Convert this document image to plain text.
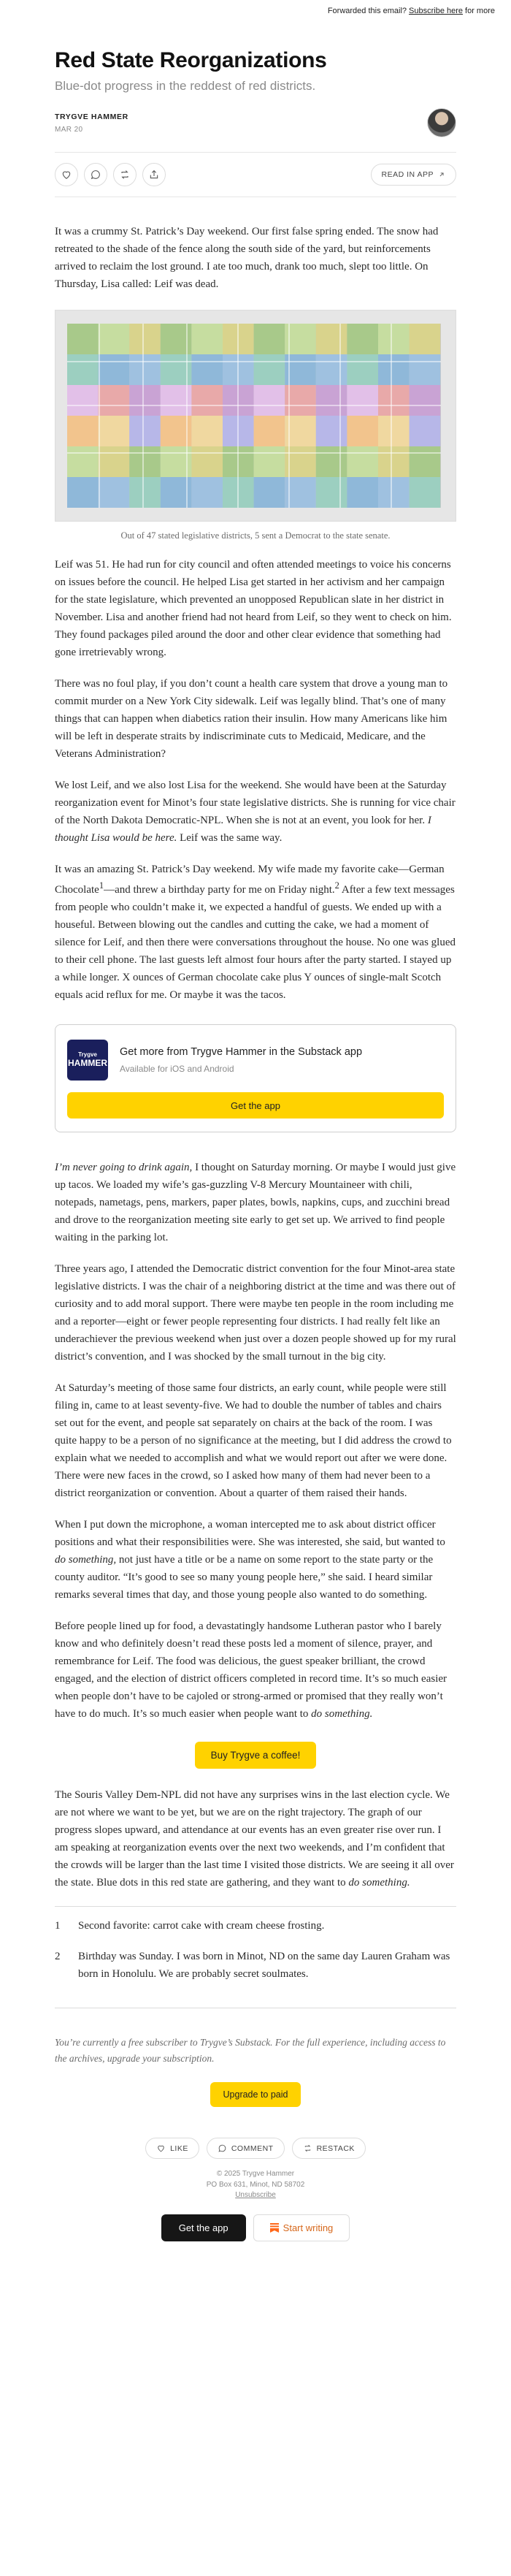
Forwarded this email? Subscribe here for more
Red State Reorganizations
Blue-dot progress in the reddest of red districts.
TRYGVE HAMMER
MAR 20
READ IN APP

It was a crummy St. Patrick’s Day weekend. Our first false spring ended. The snow had retreated to the shade of the fence along the south side of the yard, but reinforcements arrived to reclaim the lost ground. I ate too much, drank too much, slept too little. On Thursday, Lisa called: Leif was dead.

Out of 47 stated legislative districts, 5 sent a Democrat to the state senate.

Leif was 51. He had run for city council and often attended meetings to voice his concerns on issues before the council. He helped Lisa get started in her activism and her campaign for the state legislature, which prevented an unopposed Republican slate in her district in November. Lisa and another friend had not heard from Leif, so they went to check on him. They found packages piled around the door and other clear evidence that something had gone irretrievably wrong.

There was no foul play, if you don’t count a health care system that drove a young man to commit murder on a New York City sidewalk. Leif was legally blind. That’s one of many things that can happen when diabetics ration their insulin. How many Americans like him will be left in desperate straits by indiscriminate cuts to Medicaid, Medicare, and the Veterans Administration?

We lost Leif, and we also lost Lisa for the weekend. She would have been at the Saturday reorganization event for Minot’s four state legislative districts. She is running for vice chair of the North Dakota Democratic-NPL. When she is not at an event, you look for her. I thought Lisa would be here. Leif was the same way.

It was an amazing St. Patrick’s Day weekend. My wife made my favorite cake—German Chocolate$^1$—and threw a birthday party for me on Friday night.$^2$ After a few text messages from people who couldn’t make it, we expected a handful of guests. We ended up with a houseful. Between blowing out the candles and cutting the cake, we had a moment of silence for Leif, and then there were conversations throughout the house. No one was glued to their cell phone. The last guests left almost four hours after the party started. I stayed up a while longer. X ounces of German chocolate cake plus Y ounces of single-malt Scotch equals acid reflux for me. Or maybe it was the tacos.

Trygve
HAMMER
Get more from Trygve Hammer in the Substack app
Available for iOS and Android
Get the app

I’m never going to drink again, I thought on Saturday morning. Or maybe I would just give up tacos. We loaded my wife’s gas-guzzling V-8 Mercury Mountaineer with chili, notepads, nametags, pens, markers, paper plates, bowls, napkins, cups, and zucchini bread and drove to the reorganization meeting site early to get set up. We arrived to find people waiting in the parking lot.

Three years ago, I attended the Democratic district convention for the four Minot-area state legislative districts. I was the chair of a neighboring district at the time and was there out of curiosity and to add moral support. There were maybe ten people in the room including me and a reporter—eight or fewer people representing four districts. I had really felt like an underachiever the previous weekend when just over a dozen people showed up for my rural district’s convention, and I was shocked by the small turnout in the big city.

At Saturday’s meeting of those same four districts, an early count, while people were still filing in, came to at least seventy-five. We had to double the number of tables and chairs set out for the event, and people sat separately on chairs at the back of the room. I was quite happy to be a person of no significance at the meeting, but I did address the crowd to explain what we needed to accomplish and what we would report out after we were done. There were new faces in the crowd, so I asked how many of them had never been to a district reorganization or convention. About a quarter of them raised their hands.

When I put down the microphone, a woman intercepted me to ask about district officer positions and what their responsibilities were. She was interested, she said, but wanted to do something, not just have a title or be a name on some report to the state party or the county auditor. “It’s good to see so many young people here,” she said. I heard similar remarks several times that day, and those young people also wanted to do something.

Before people lined up for food, a devastatingly handsome Lutheran pastor who I barely know and who definitely doesn’t read these posts led a moment of silence, prayer, and remembrance for Leif. The food was delicious, the guest speaker brilliant, the crowd engaged, and the election of district officers completed in record time. It’s so much easier when people don’t have to be cajoled or strong-armed or promised that they really won’t have to do much. It’s so much easier when people want to do something.

Buy Trygve a coffee!

The Souris Valley Dem-NPL did not have any surprises wins in the last election cycle. We are not where we want to be yet, but we are on the right trajectory. The graph of our progress slopes upward, and attendance at our events has an even greater rise over run. I am speaking at reorganization events over the next two weekends, and I’m confident that the crowds will be larger than the last time I visited those districts. We are seeing it all over the state. Blue dots in this red state are gathering, and they want to do something.

1 Second favorite: carrot cake with cream cheese frosting.
2 Birthday was Sunday. I was born in Minot, ND on the same day Lauren Graham was born in Honolulu. We are probably secret soulmates.
You’re currently a free subscriber to Trygve’s Substack. For the full experience, including access to the archives, upgrade your subscription.
Upgrade to paid
LIKE	COMMENT	RESTACK
© 2025 Trygve Hammer
PO Box 631, Minot, ND 58702
Unsubscribe
Get the app	Start writing
